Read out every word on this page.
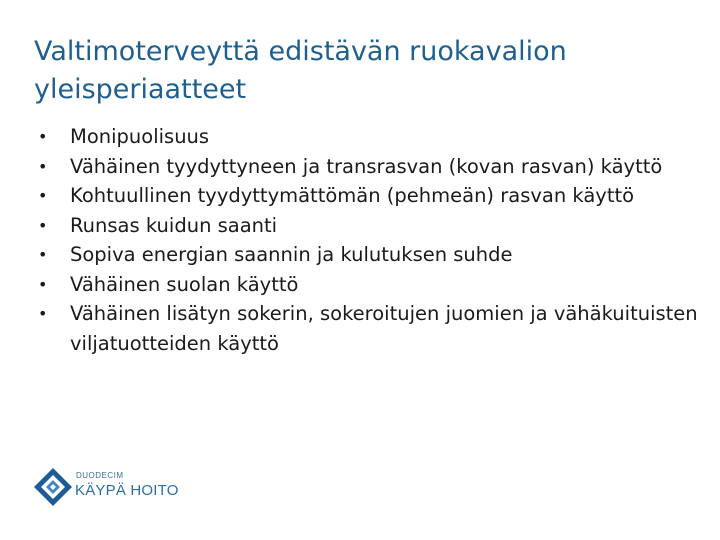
Valtimoterveyttä edistävän ruokavalion yleisperiaatteet
• Monipuolisuus
• Vähäinen tyydyttyneen ja transrasvan (kovan rasvan) käyttö
• Kohtuullinen tyydyttymättömän (pehmeän) rasvan käyttö
• Runsas kuidun saanti
• Sopiva energian saannin ja kulutuksen suhde
• Vähäinen suolan käyttö
• Vähäinen lisätyn sokerin, sokeroitujen juomien ja vähäkuituisten viljatuotteiden käyttö
DUODECIM
KÄYPÄ HOITO
